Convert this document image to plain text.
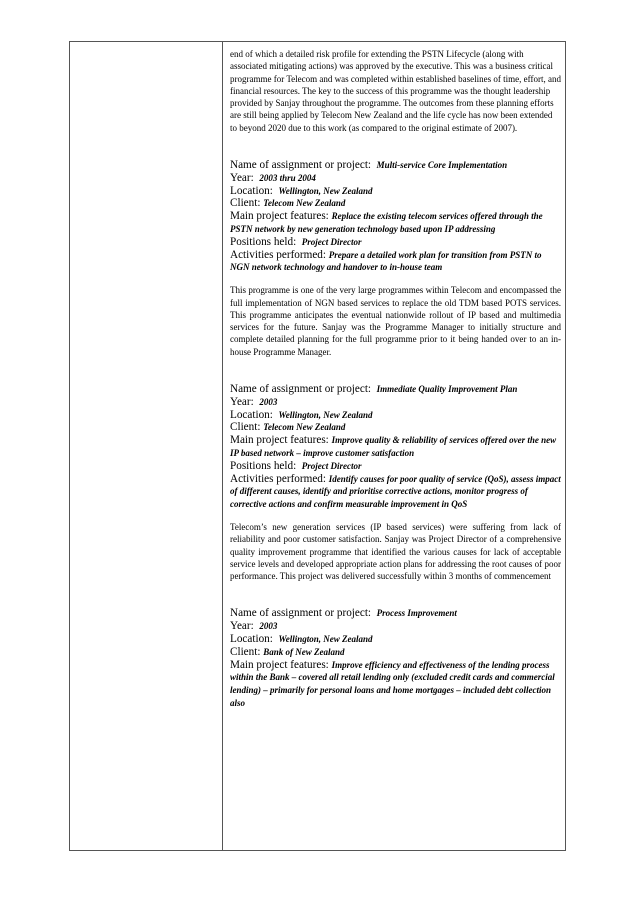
end of which a detailed risk profile for extending the PSTN Lifecycle (along with associated mitigating actions) was approved by the executive. This was a business critical programme for Telecom and was completed within established baselines of time, effort, and financial resources. The key to the success of this programme was the thought leadership provided by Sanjay throughout the programme. The outcomes from these planning efforts are still being applied by Telecom New Zealand and the life cycle has now been extended to beyond 2020 due to this work (as compared to the original estimate of 2007).

Name of assignment or project: Multi-service Core Implementation

Year: 2003 thru 2004

Location: Wellington, New Zealand

Client: Telecom New Zealand

Main project features: Replace the existing telecom services offered through the PSTN network by new generation technology based upon IP addressing

Positions held: Project Director

Activities performed: Prepare a detailed work plan for transition from PSTN to NGN network technology and handover to in-house team

This programme is one of the very large programmes within Telecom and encompassed the full implementation of NGN based services to replace the old TDM based POTS services. This programme anticipates the eventual nationwide rollout of IP based and multimedia services for the future. Sanjay was the Programme Manager to initially structure and complete detailed planning for the full programme prior to it being handed over to an in-house Programme Manager.

Name of assignment or project: Immediate Quality Improvement Plan

Year: 2003

Location: Wellington, New Zealand

Client: Telecom New Zealand

Main project features: Improve quality & reliability of services offered over the new IP based network – improve customer satisfaction

Positions held: Project Director

Activities performed: Identify causes for poor quality of service (QoS), assess impact of different causes, identify and prioritise corrective actions, monitor progress of corrective actions and confirm measurable improvement in QoS

Telecom’s new generation services (IP based services) were suffering from lack of reliability and poor customer satisfaction. Sanjay was Project Director of a comprehensive quality improvement programme that identified the various causes for lack of acceptable service levels and developed appropriate action plans for addressing the root causes of poor performance. This project was delivered successfully within 3 months of commencement

Name of assignment or project: Process Improvement

Year: 2003

Location: Wellington, New Zealand

Client: Bank of New Zealand

Main project features: Improve efficiency and effectiveness of the lending process within the Bank – covered all retail lending only (excluded credit cards and commercial lending) – primarily for personal loans and home mortgages – included debt collection also
